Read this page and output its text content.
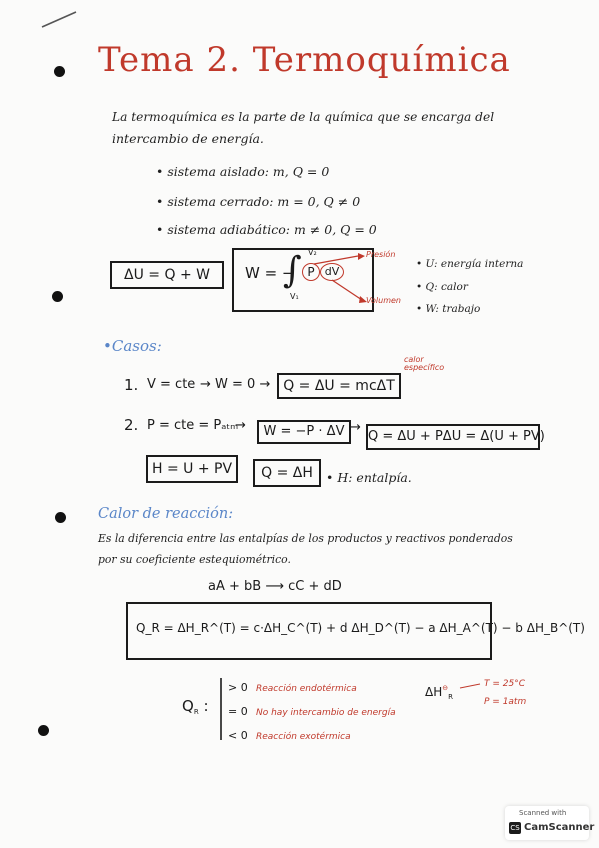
Tema 2. Termoquímica
La termoquímica es la parte de la química que se encarga del
intercambio de energía.
• sistema aislado: m, Q = 0
• sistema cerrado: m = 0, Q ≠ 0
• sistema adiabático: m ≠ 0, Q = 0
ΔU = Q + W	W = −
∫ V₂
V₁
P dV
Presión
Volumen
• U: energía interna
• Q: calor
• W: trabajo
•Casos:
1. V = cte → W = 0 → Q = ΔU = mcΔT
calor específico
2. P = cte = Pₐₜₘ
→	W = −P · ΔV →
Q = ΔU + PΔU = Δ(U + PV)
H = U + PV	Q = ΔH	• H: entalpía.
Calor de reacción:
Es la diferencia entre las entalpías de los productos y reactivos ponderados
por su coeficiente estequiométrico.
aA + bB ⟶ cC + dD
Q_R = ΔH_R^(T) = c·ΔH_C^(T) + d ΔH_D^(T) − a ΔH_A^(T) − b ΔH_B^(T)
$Q_R$ :
> 0 Reacción endotérmica
= 0 No hay intercambio de energía
< 0 Reacción exotérmica
$\Delta H^⊖_R$
T = 25°C
P = 1atm
Scanned with
CS CamScanner
